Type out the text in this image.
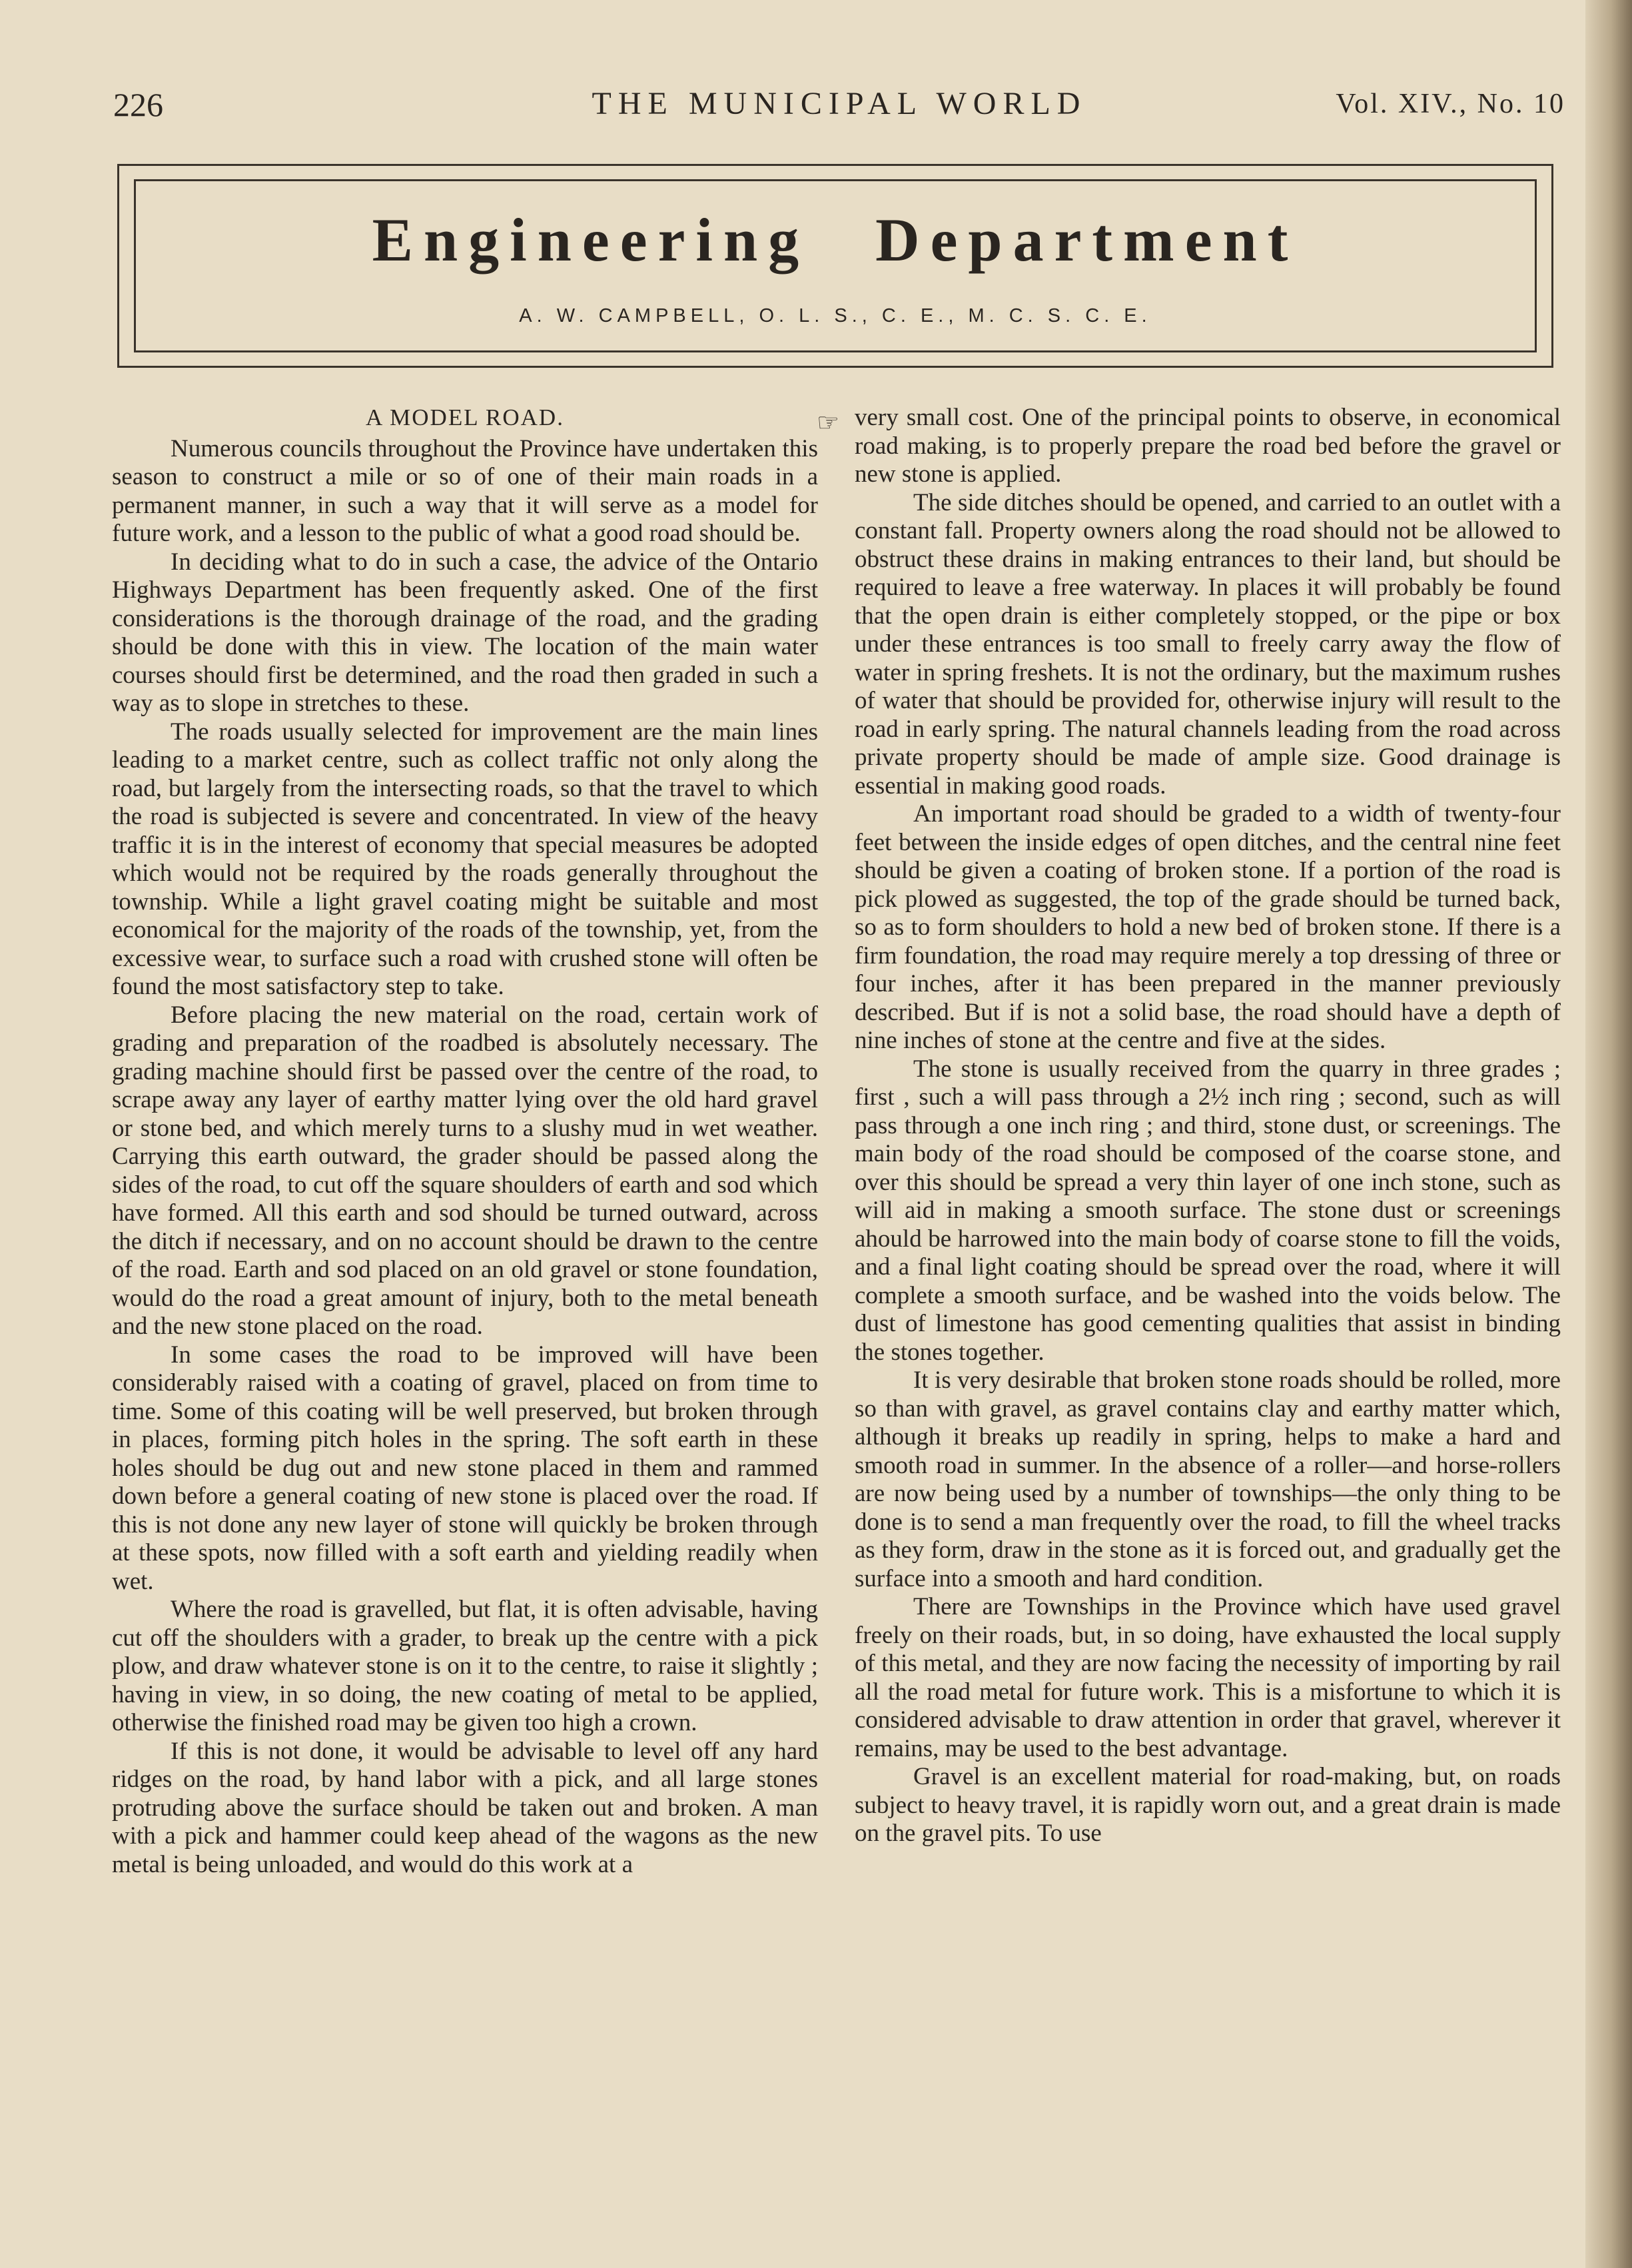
226	THE MUNICIPAL WORLD	Vol. XIV., No. 10
Engineering Department
A. W. CAMPBELL, O. L. S., C. E., M. C. S. C. E.
☞
A MODEL ROAD.

Numerous councils throughout the Province have undertaken this season to construct a mile or so of one of their main roads in a permanent manner, in such a way that it will serve as a model for future work, and a lesson to the public of what a good road should be.

In deciding what to do in such a case, the advice of the Ontario Highways Department has been frequently asked. One of the first considerations is the thorough drainage of the road, and the grading should be done with this in view. The location of the main water courses should first be determined, and the road then graded in such a way as to slope in stretches to these.

The roads usually selected for improvement are the main lines leading to a market centre, such as collect traffic not only along the road, but largely from the intersecting roads, so that the travel to which the road is subjected is severe and concentrated. In view of the heavy traffic it is in the interest of economy that special measures be adopted which would not be required by the roads generally throughout the township. While a light gravel coating might be suitable and most economical for the majority of the roads of the township, yet, from the excessive wear, to surface such a road with crushed stone will often be found the most satisfactory step to take.

Before placing the new material on the road, certain work of grading and preparation of the roadbed is absolutely necessary. The grading machine should first be passed over the centre of the road, to scrape away any layer of earthy matter lying over the old hard gravel or stone bed, and which merely turns to a slushy mud in wet weather. Carrying this earth outward, the grader should be passed along the sides of the road, to cut off the square shoulders of earth and sod which have formed. All this earth and sod should be turned outward, across the ditch if necessary, and on no account should be drawn to the centre of the road. Earth and sod placed on an old gravel or stone foundation, would do the road a great amount of injury, both to the metal beneath and the new stone placed on the road.

In some cases the road to be improved will have been considerably raised with a coating of gravel, placed on from time to time. Some of this coating will be well preserved, but broken through in places, forming pitch holes in the spring. The soft earth in these holes should be dug out and new stone placed in them and rammed down before a general coating of new stone is placed over the road. If this is not done any new layer of stone will quickly be broken through at these spots, now filled with a soft earth and yielding readily when wet.

Where the road is gravelled, but flat, it is often advisable, having cut off the shoulders with a grader, to break up the centre with a pick plow, and draw whatever stone is on it to the centre, to raise it slightly ; having in view, in so doing, the new coating of metal to be applied, otherwise the finished road may be given too high a crown.

If this is not done, it would be advisable to level off any hard ridges on the road, by hand labor with a pick, and all large stones protruding above the surface should be taken out and broken. A man with a pick and hammer could keep ahead of the wagons as the new metal is being unloaded, and would do this work at a

very small cost. One of the principal points to observe, in economical road making, is to properly prepare the road bed before the gravel or new stone is applied.

The side ditches should be opened, and carried to an outlet with a constant fall. Property owners along the road should not be allowed to obstruct these drains in making entrances to their land, but should be required to leave a free waterway. In places it will probably be found that the open drain is either completely stopped, or the pipe or box under these entrances is too small to freely carry away the flow of water in spring freshets. It is not the ordinary, but the maximum rushes of water that should be provided for, otherwise injury will result to the road in early spring. The natural channels leading from the road across private property should be made of ample size. Good drainage is essential in making good roads.

An important road should be graded to a width of twenty-four feet between the inside edges of open ditches, and the central nine feet should be given a coating of broken stone. If a portion of the road is pick plowed as suggested, the top of the grade should be turned back, so as to form shoulders to hold a new bed of broken stone. If there is a firm foundation, the road may require merely a top dressing of three or four inches, after it has been prepared in the manner previously described. But if is not a solid base, the road should have a depth of nine inches of stone at the centre and five at the sides.

The stone is usually received from the quarry in three grades ; first , such a will pass through a 2½ inch ring ; second, such as will pass through a one inch ring ; and third, stone dust, or screenings. The main body of the road should be composed of the coarse stone, and over this should be spread a very thin layer of one inch stone, such as will aid in making a smooth surface. The stone dust or screenings ahould be harrowed into the main body of coarse stone to fill the voids, and a final light coating should be spread over the road, where it will complete a smooth surface, and be washed into the voids below. The dust of limestone has good cementing qualities that assist in binding the stones together.

It is very desirable that broken stone roads should be rolled, more so than with gravel, as gravel contains clay and earthy matter which, although it breaks up readily in spring, helps to make a hard and smooth road in summer. In the absence of a roller—and horse-rollers are now being used by a number of townships—the only thing to be done is to send a man frequently over the road, to fill the wheel tracks as they form, draw in the stone as it is forced out, and gradually get the surface into a smooth and hard condition.

There are Townships in the Province which have used gravel freely on their roads, but, in so doing, have exhausted the local supply of this metal, and they are now facing the necessity of importing by rail all the road metal for future work. This is a misfortune to which it is considered advisable to draw attention in order that gravel, wherever it remains, may be used to the best advantage.

Gravel is an excellent material for road-making, but, on roads subject to heavy travel, it is rapidly worn out, and a great drain is made on the gravel pits. To use
